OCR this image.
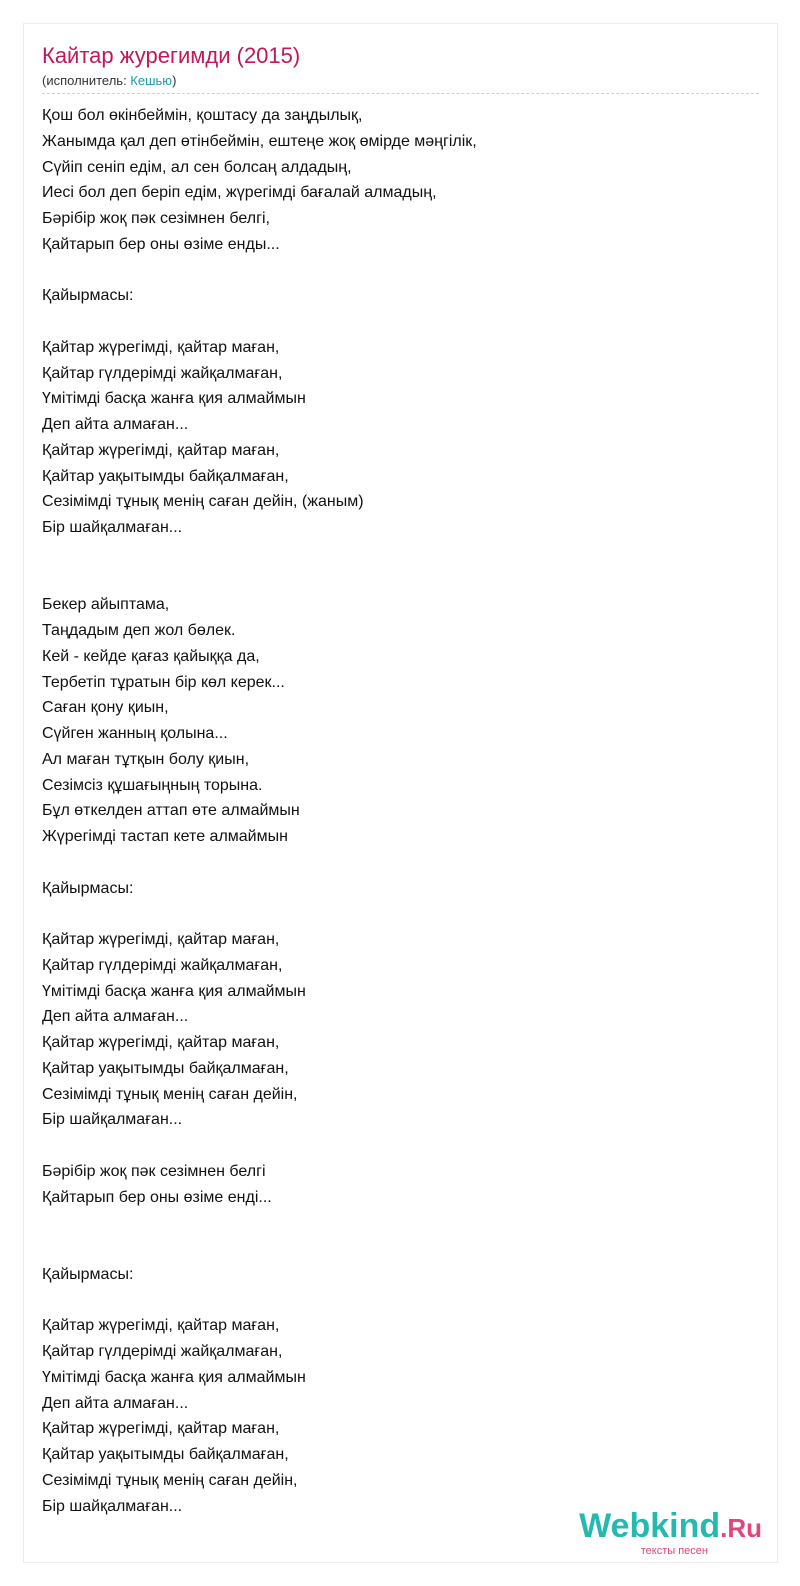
Кайтар журегимди (2015)
(исполнитель: Кешью)
Қош бол өкінбеймін, қоштасу да заңдылық,
Жанымда қал деп өтінбеймін, ештеңе жоқ өмірде мәңгілік,
Сүйіп сеніп едім, ал сен болсаң алдадың,
Иесі бол деп беріп едім, жүрегімді бағалай алмадың,
Бәрібір жоқ пәк сезімнен белгі,
Қайтарып бер оны өзіме енды...

Қайырмасы:

Қайтар жүрегімді, қайтар маған,
Қайтар гүлдерімді жайқалмаған,
Үмітімді басқа жанға қия алмаймын
Деп айта алмаған...
Қайтар жүрегімді, қайтар маған,
Қайтар уақытымды байқалмаған,
Сезімімді тұнық менің саған дейін, (жаным)
Бір шайқалмаған...

Бекер айыптама,
Таңдадым деп жол бөлек.
Кей - кейде қағаз қайыққа да,
Тербетіп тұратын бір көл керек...
Саған қону қиын,
Сүйген жанның қолына...
Ал маған тұтқын болу қиын,
Сезімсіз құшағыңның торына.
Бұл өткелден аттап өте алмаймын
Жүрегімді тастап кете алмаймын

Қайырмасы:

Қайтар жүрегімді, қайтар маған,
Қайтар гүлдерімді жайқалмаған,
Үмітімді басқа жанға қия алмаймын
Деп айта алмаған...
Қайтар жүрегімді, қайтар маған,
Қайтар уақытымды байқалмаған,
Сезімімді тұнық менің саған дейін,
Бір шайқалмаған...

Бәрібір жоқ пәк сезімнен белгі
Қайтарып бер оны өзіме енді...

Қайырмасы:

Қайтар жүрегімді, қайтар маған,
Қайтар гүлдерімді жайқалмаған,
Үмітімді басқа жанға қия алмаймын
Деп айта алмаған...
Қайтар жүрегімді, қайтар маған,
Қайтар уақытымды байқалмаған,
Сезімімді тұнық менің саған дейін,
Бір шайқалмаған...
Webkind.Ru
тексты песен
